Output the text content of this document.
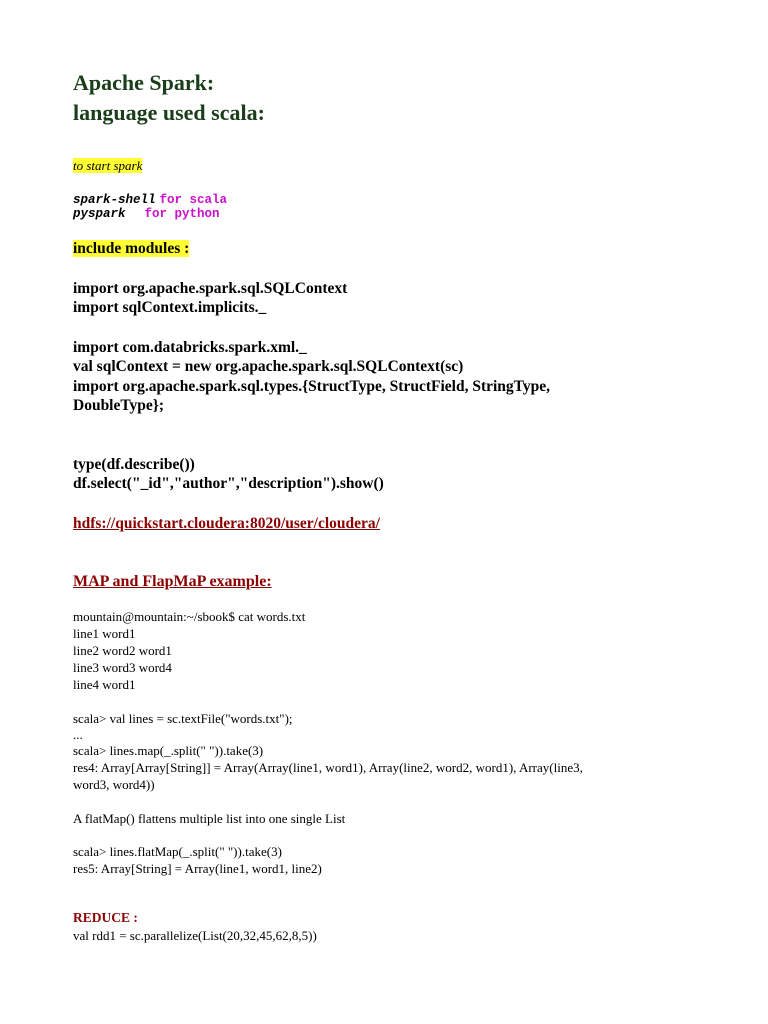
Apache Spark:
language used scala:
to start spark
spark-shell for scala
pyspark for python
include modules :
import org.apache.spark.sql.SQLContext
import sqlContext.implicits._
import com.databricks.spark.xml._
val sqlContext = new org.apache.spark.sql.SQLContext(sc)
import org.apache.spark.sql.types.{StructType, StructField, StringType,
DoubleType};
type(df.describe())
df.select("_id","author","description").show()
hdfs://quickstart.cloudera:8020/user/cloudera/
MAP and FlapMaP example:
mountain@mountain:~/sbook$ cat words.txt
line1 word1
line2 word2 word1
line3 word3 word4
line4 word1
scala> val lines = sc.textFile("words.txt");
...
scala> lines.map(_.split(" ")).take(3)
res4: Array[Array[String]] = Array(Array(line1, word1), Array(line2, word2, word1), Array(line3,
word3, word4))
A flatMap() flattens multiple list into one single List
scala> lines.flatMap(_.split(" ")).take(3)
res5: Array[String] = Array(line1, word1, line2)
REDUCE :
val rdd1 = sc.parallelize(List(20,32,45,62,8,5))
